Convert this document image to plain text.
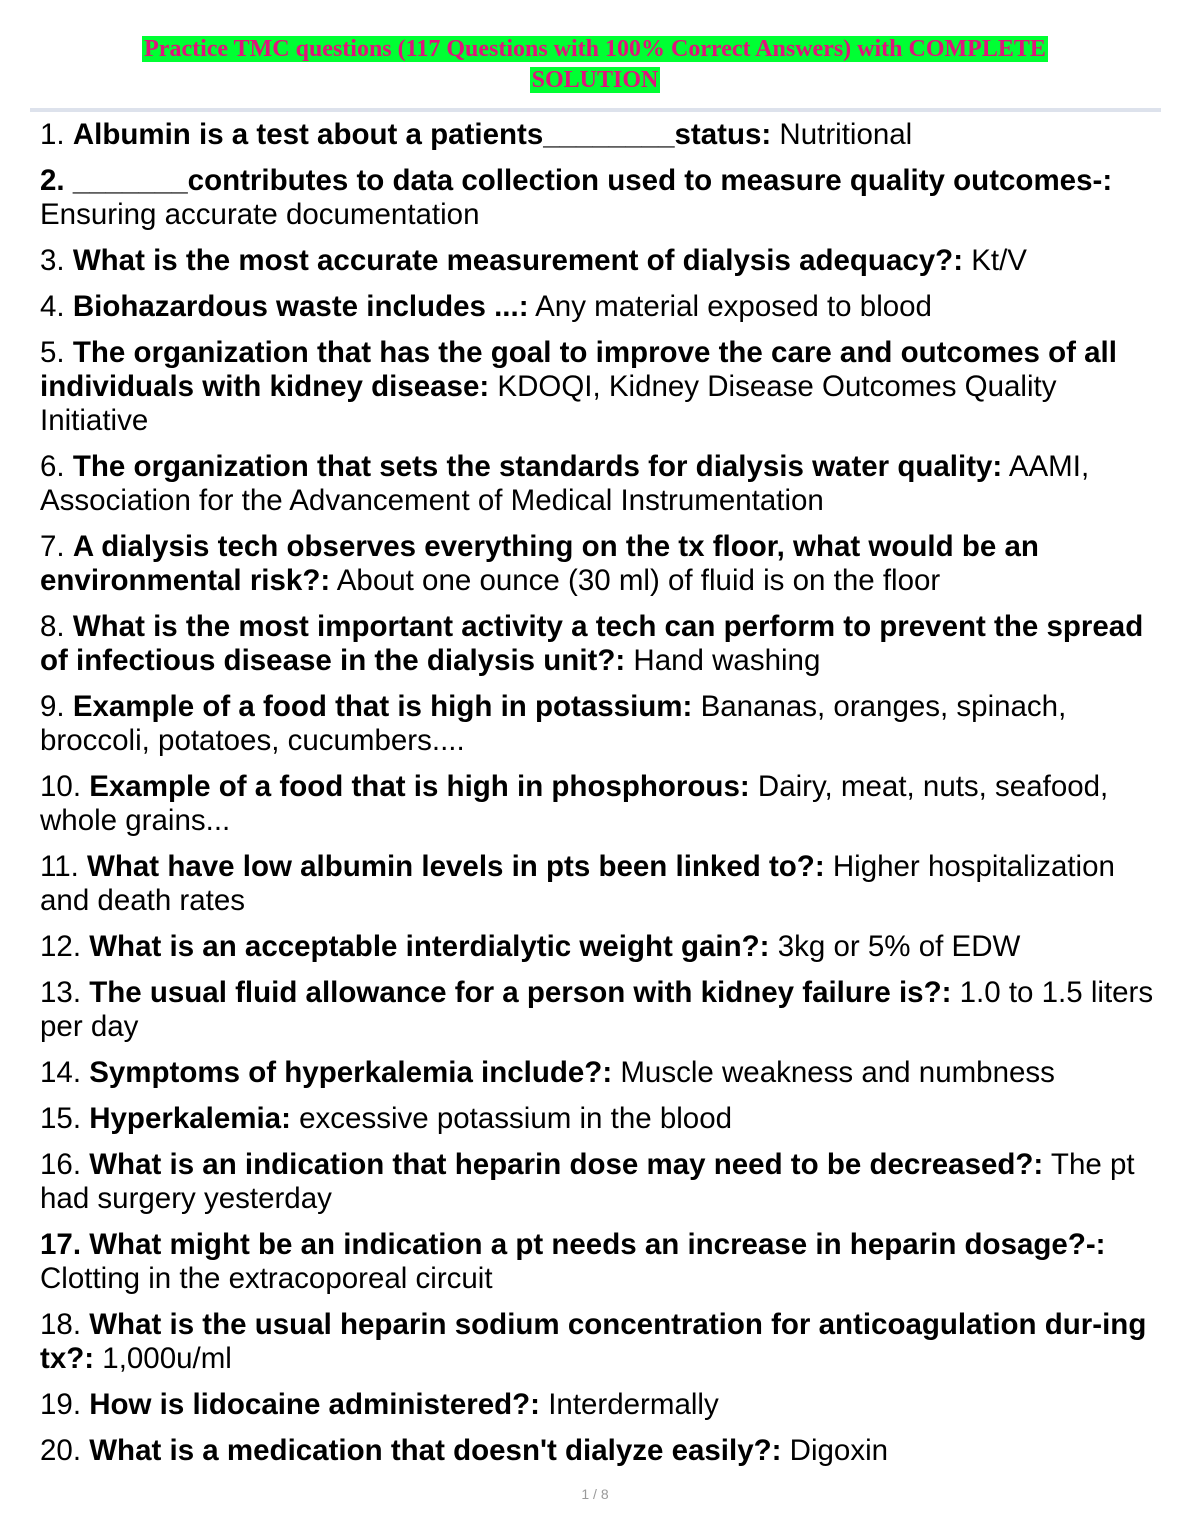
Practice TMC questions (117 Questions with 100% Correct Answers) with COMPLETE
SOLUTION
1. Albumin is a test about a patients________status: Nutritional
2. _______contributes to data collection used to measure quality outcomes-: Ensuring accurate documentation
3. What is the most accurate measurement of dialysis adequacy?: Kt/V
4. Biohazardous waste includes ...: Any material exposed to blood
5. The organization that has the goal to improve the care and outcomes of all individuals with kidney disease: KDOQI, Kidney Disease Outcomes Quality Initiative
6. The organization that sets the standards for dialysis water quality: AAMI, Association for the Advancement of Medical Instrumentation
7. A dialysis tech observes everything on the tx floor, what would be an environmental risk?: About one ounce (30 ml) of fluid is on the floor
8. What is the most important activity a tech can perform to prevent the spread of infectious disease in the dialysis unit?: Hand washing
9. Example of a food that is high in potassium: Bananas, oranges, spinach, broccoli, potatoes, cucumbers....
10. Example of a food that is high in phosphorous: Dairy, meat, nuts, seafood, whole grains...
11. What have low albumin levels in pts been linked to?: Higher hospitalization and death rates
12. What is an acceptable interdialytic weight gain?: 3kg or 5% of EDW
13. The usual fluid allowance for a person with kidney failure is?: 1.0 to 1.5 liters per day
14. Symptoms of hyperkalemia include?: Muscle weakness and numbness
15. Hyperkalemia: excessive potassium in the blood
16. What is an indication that heparin dose may need to be decreased?: The pt had surgery yesterday
17. What might be an indication a pt needs an increase in heparin dosage?-: Clotting in the extracoporeal circuit
18. What is the usual heparin sodium concentration for anticoagulation dur-ing tx?: 1,000u/ml
19. How is lidocaine administered?: Interdermally
20. What is a medication that doesn't dialyze easily?: Digoxin
1 / 8
